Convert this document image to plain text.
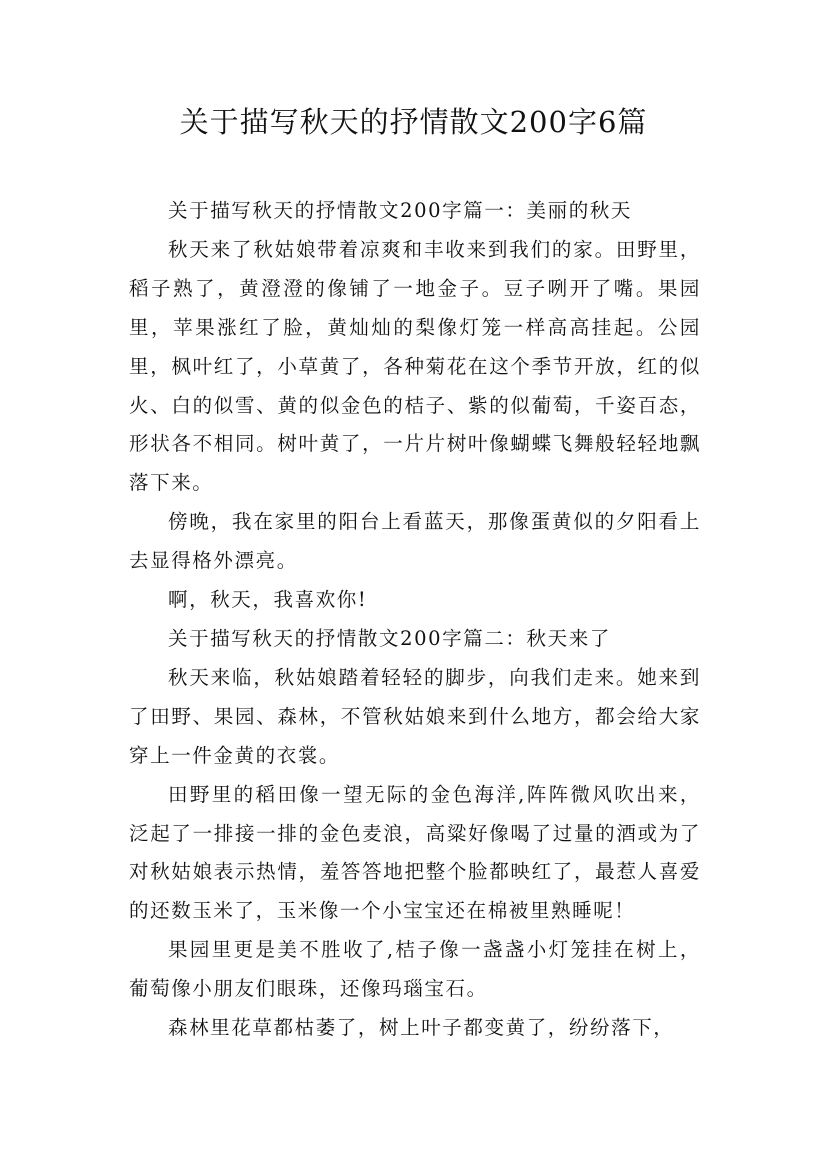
关于描写秋天的抒情散文200字6篇

关于描写秋天的抒情散文200字篇一：美丽的秋天

秋天来了秋姑娘带着凉爽和丰收来到我们的家。田野里，稻子熟了，黄澄澄的像铺了一地金子。豆子咧开了嘴。果园里，苹果涨红了脸，黄灿灿的梨像灯笼一样高高挂起。公园里，枫叶红了，小草黄了，各种菊花在这个季节开放，红的似火、白的似雪、黄的似金色的桔子、紫的似葡萄，千姿百态，形状各不相同。树叶黄了，一片片树叶像蝴蝶飞舞般轻轻地飘落下来。

傍晚，我在家里的阳台上看蓝天，那像蛋黄似的夕阳看上去显得格外漂亮。

啊，秋天，我喜欢你!

关于描写秋天的抒情散文200字篇二：秋天来了

秋天来临，秋姑娘踏着轻轻的脚步，向我们走来。她来到了田野、果园、森林，不管秋姑娘来到什么地方，都会给大家穿上一件金黄的衣裳。

田野里的稻田像一望无际的金色海洋,阵阵微风吹出来，泛起了一排接一排的金色麦浪，高粱好像喝了过量的酒或为了对秋姑娘表示热情，羞答答地把整个脸都映红了，最惹人喜爱的还数玉米了，玉米像一个小宝宝还在棉被里熟睡呢！

果园里更是美不胜收了,桔子像一盏盏小灯笼挂在树上，葡萄像小朋友们眼珠，还像玛瑙宝石。

森林里花草都枯萎了，树上叶子都变黄了，纷纷落下，
